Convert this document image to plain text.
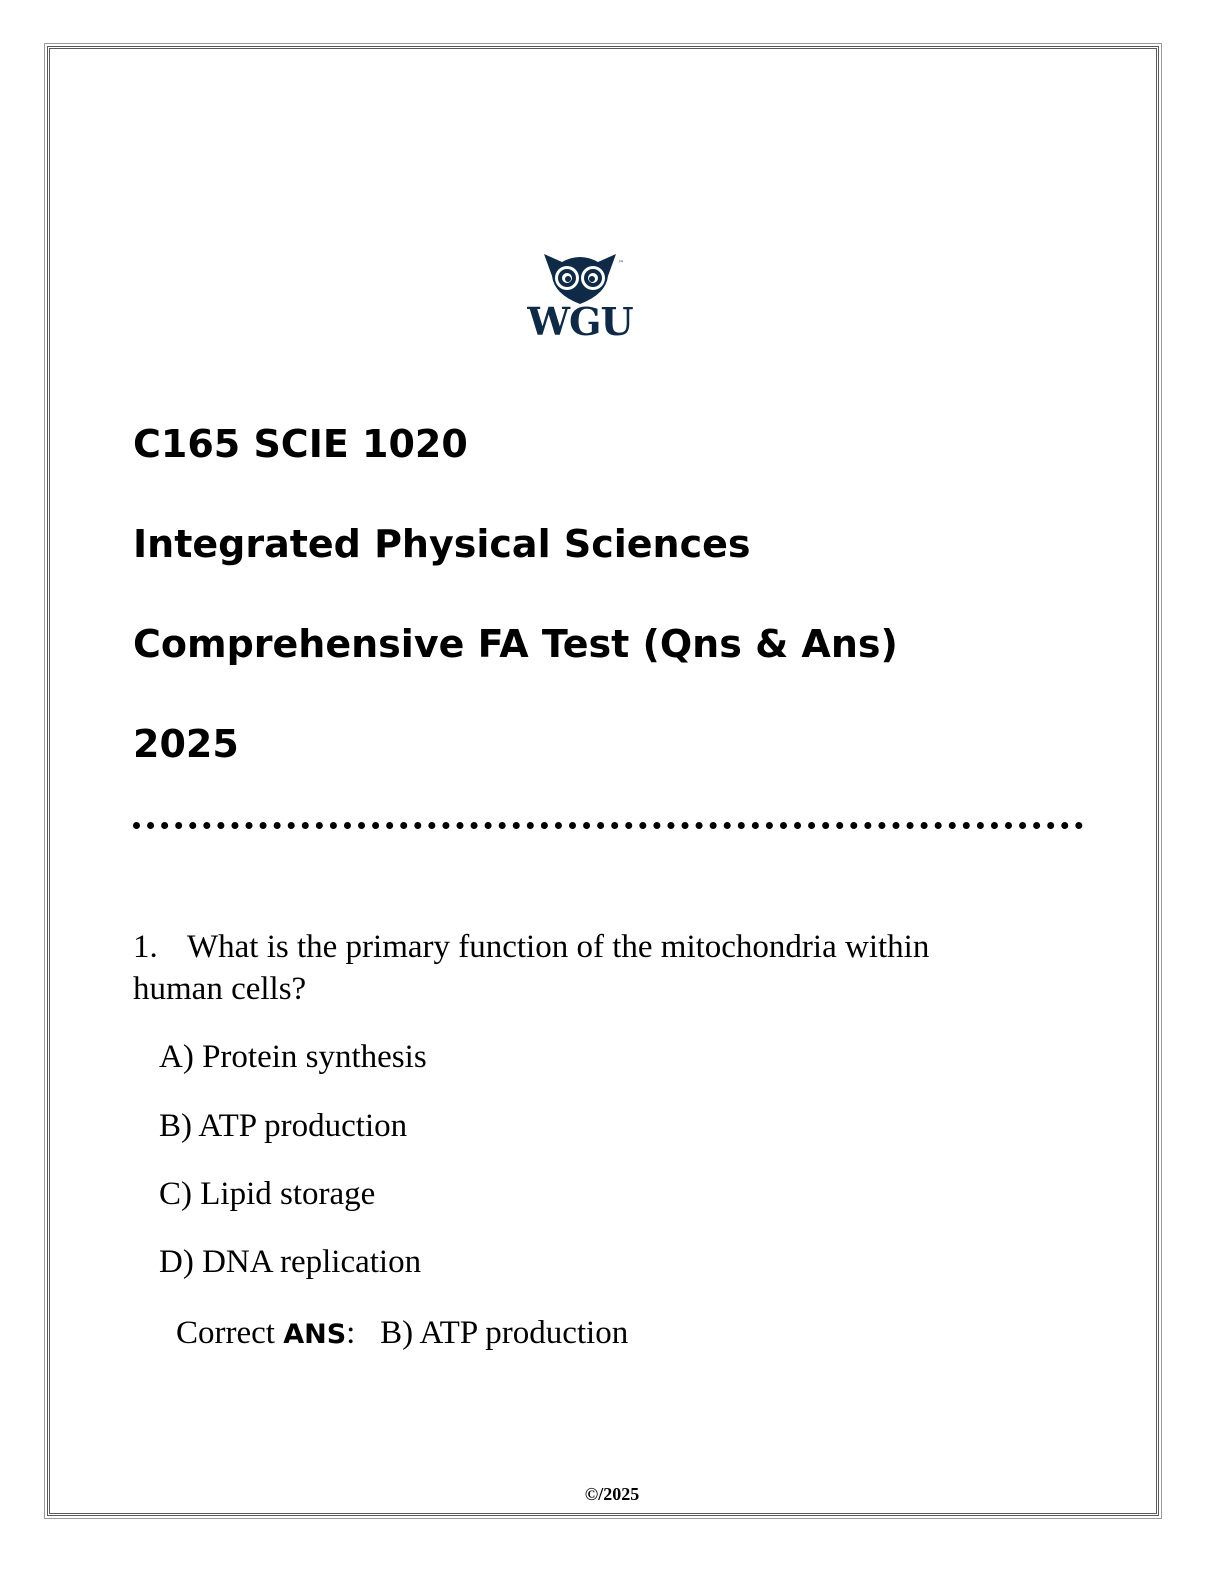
™
WGU
C165 SCIE 1020
Integrated Physical Sciences
Comprehensive FA Test (Qns & Ans)
2025
1. What is the primary function of the mitochondria within human cells?
A) Protein synthesis
B) ATP production
C) Lipid storage
D) DNA replication
Correct ANS: B) ATP production
©/2025
